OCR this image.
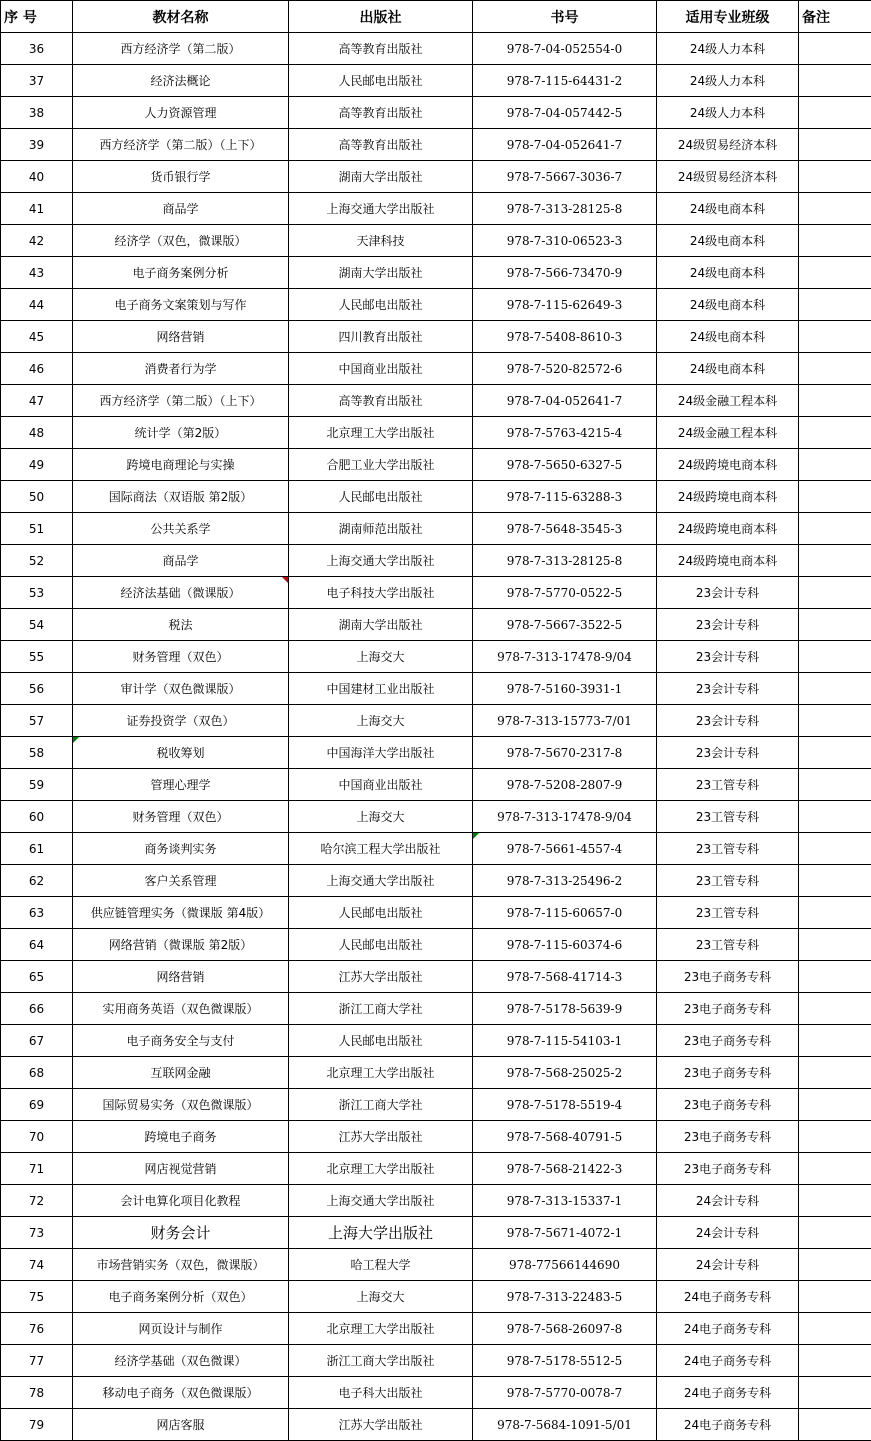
序 号	教材名称	出版社	书号	适用专业班级	备注
36	西方经济学（第二版）	高等教育出版社	978-7-04-052554-0	24级人力本科	
37	经济法概论	人民邮电出版社	978-7-115-64431-2	24级人力本科	
38	人力资源管理	高等教育出版社	978-7-04-057442-5	24级人力本科	
39	西方经济学（第二版）（上下）	高等教育出版社	978-7-04-052641-7	24级贸易经济本科	
40	货币银行学	湖南大学出版社	978-7-5667-3036-7	24级贸易经济本科	
41	商品学	上海交通大学出版社	978-7-313-28125-8	24级电商本科	
42	经济学（双色，微课版）	天津科技	978-7-310-06523-3	24级电商本科	
43	电子商务案例分析	湖南大学出版社	978-7-566-73470-9	24级电商本科	
44	电子商务文案策划与写作	人民邮电出版社	978-7-115-62649-3	24级电商本科	
45	网络营销	四川教育出版社	978-7-5408-8610-3	24级电商本科	
46	消费者行为学	中国商业出版社	978-7-520-82572-6	24级电商本科	
47	西方经济学（第二版）（上下）	高等教育出版社	978-7-04-052641-7	24级金融工程本科	
48	统计学（第2版）	北京理工大学出版社	978-7-5763-4215-4	24级金融工程本科	
49	跨境电商理论与实操	合肥工业大学出版社	978-7-5650-6327-5	24级跨境电商本科	
50	国际商法（双语版 第2版）	人民邮电出版社	978-7-115-63288-3	24级跨境电商本科	
51	公共关系学	湖南师范出版社	978-7-5648-3545-3	24级跨境电商本科	
52	商品学	上海交通大学出版社	978-7-313-28125-8	24级跨境电商本科	
53	经济法基础（微课版）	电子科技大学出版社	978-7-5770-0522-5	23会计专科	
54	税法	湖南大学出版社	978-7-5667-3522-5	23会计专科	
55	财务管理（双色）	上海交大	978-7-313-17478-9/04	23会计专科	
56	审计学（双色微课版）	中国建材工业出版社	978-7-5160-3931-1	23会计专科	
57	证券投资学（双色）	上海交大	978-7-313-15773-7/01	23会计专科	
58	税收筹划	中国海洋大学出版社	978-7-5670-2317-8	23会计专科	
59	管理心理学	中国商业出版社	978-7-5208-2807-9	23工管专科	
60	财务管理（双色）	上海交大	978-7-313-17478-9/04	23工管专科	
61	商务谈判实务	哈尔滨工程大学出版社	978-7-5661-4557-4	23工管专科	
62	客户关系管理	上海交通大学出版社	978-7-313-25496-2	23工管专科	
63	供应链管理实务（微课版 第4版）	人民邮电出版社	978-7-115-60657-0	23工管专科	
64	网络营销（微课版 第2版）	人民邮电出版社	978-7-115-60374-6	23工管专科	
65	网络营销	江苏大学出版社	978-7-568-41714-3	23电子商务专科	
66	实用商务英语（双色微课版）	浙江工商大学社	978-7-5178-5639-9	23电子商务专科	
67	电子商务安全与支付	人民邮电出版社	978-7-115-54103-1	23电子商务专科	
68	互联网金融	北京理工大学出版社	978-7-568-25025-2	23电子商务专科	
69	国际贸易实务（双色微课版）	浙江工商大学社	978-7-5178-5519-4	23电子商务专科	
70	跨境电子商务	江苏大学出版社	978-7-568-40791-5	23电子商务专科	
71	网店视觉营销	北京理工大学出版社	978-7-568-21422-3	23电子商务专科	
72	会计电算化项目化教程	上海交通大学出版社	978-7-313-15337-1	24会计专科	
73	财务会计	上海大学出版社	978-7-5671-4072-1	24会计专科	
74	市场营销实务（双色，微课版）	哈工程大学	978-77566144690	24会计专科	
75	电子商务案例分析（双色）	上海交大	978-7-313-22483-5	24电子商务专科	
76	网页设计与制作	北京理工大学出版社	978-7-568-26097-8	24电子商务专科	
77	经济学基础（双色微课）	浙江工商大学出版社	978-7-5178-5512-5	24电子商务专科	
78	移动电子商务（双色微课版）	电子科大出版社	978-7-5770-0078-7	24电子商务专科	
79	网店客服	江苏大学出版社	978-7-5684-1091-5/01	24电子商务专科	
